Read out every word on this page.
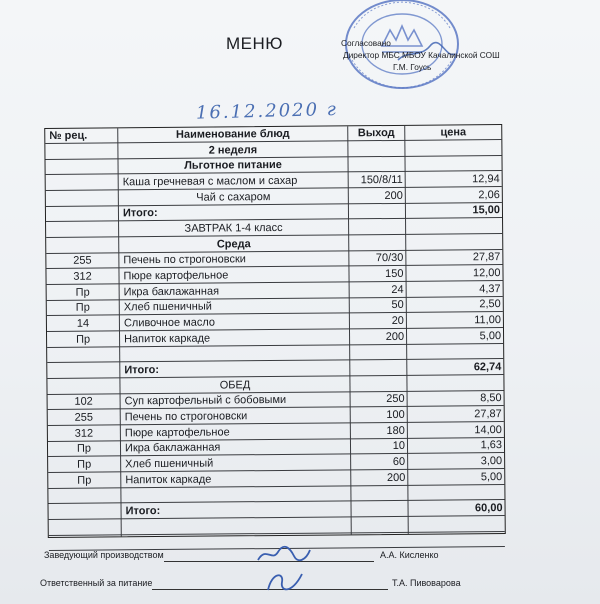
МЕНЮ	Согласовано
Директор МБС МБОУ Качалинской СОШ
Г.М. Гоусь
16.12.2020 г
№ рец.	Наименование блюд	Выход	цена
2 неделя
Льготное питание
Каша гречневая с маслом и сахар	150/8/11	12,94
Чай с сахаром	200	2,06
Итого:	15,00
ЗАВТРАК 1-4 класс
Среда
255	Печень по строгоновски	70/30	27,87
312	Пюре картофельное	150	12,00
Пр	Икра баклажанная	24	4,37
Пр	Хлеб пшеничный	50	2,50
14	Сливочное масло	20	11,00
Пр	Напиток каркаде	200	5,00
Итого:	62,74
ОБЕД
102	Суп картофельный с бобовыми	250	8,50
255	Печень по строгоновски	100	27,87
312	Пюре картофельное	180	14,00
Пр	Икра баклажанная	10	1,63
Пр	Хлеб пшеничный	60	3,00
Пр	Напиток каркаде	200	5,00
Итого:	60,00
Заведующий производством	А.А. Кисленко
Ответственный за питание	Т.А. Пивоварова
